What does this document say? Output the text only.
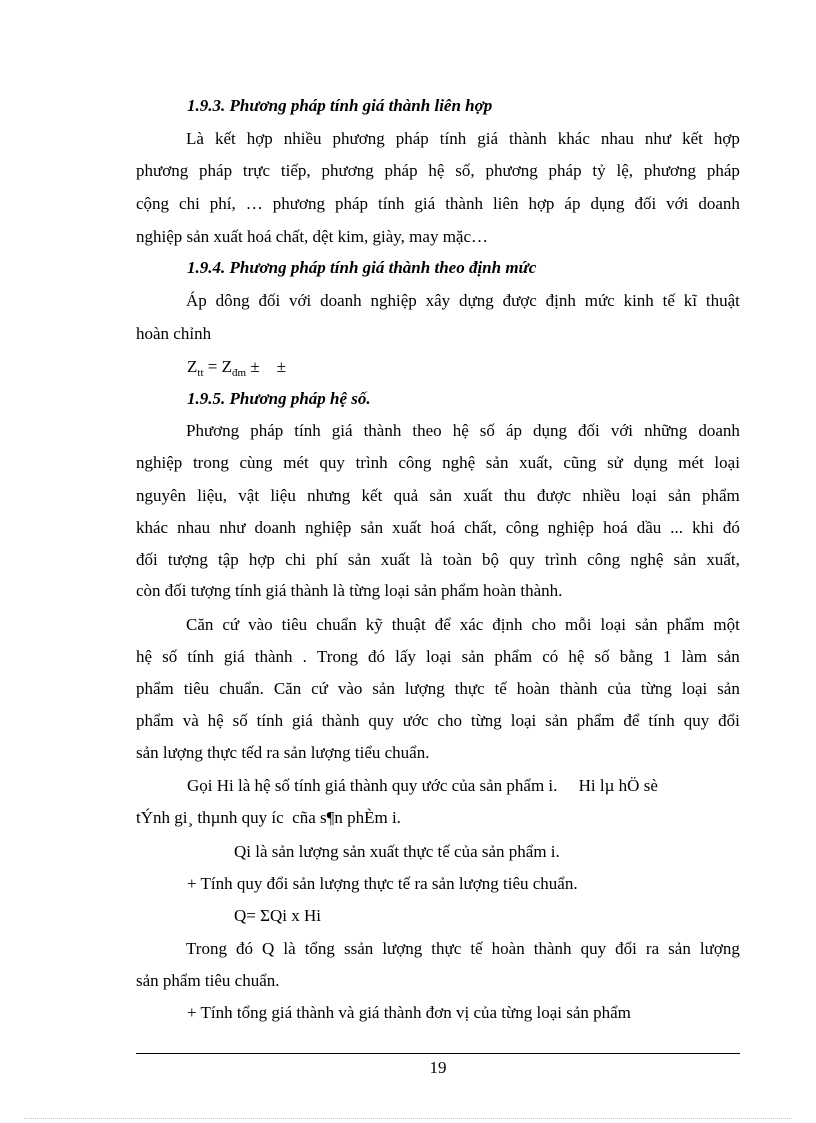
1.9.3. Phương pháp tính giá thành liên hợp
Là kết hợp nhiều phương pháp tính giá thành khác nhau như kết hợp
phương pháp trực tiếp, phương pháp hệ số, phương pháp tỷ lệ, phương pháp
cộng chi phí, … phương pháp tính giá thành liên hợp áp dụng đối với doanh
nghiệp sản xuất hoá chất, dệt kim, giày, may mặc…
1.9.4. Phương pháp tính giá thành theo định mức
Áp dông đối với doanh nghiệp xây dựng được định mức kinh tế kĩ thuật
hoàn chỉnh
$Z_{tt} = Z_{đm}$ ±    ±
1.9.5. Phương pháp hệ số.
Phương pháp tính giá thành theo hệ số áp dụng đối với những doanh
nghiệp trong cùng mét quy trình công nghệ sản xuất, cũng sử dụng mét loại
nguyên liệu, vật liệu nhưng kết quả sản xuất thu được nhiều loại sản phẩm
khác nhau như doanh nghiệp sản xuất hoá chất, công nghiệp hoá dầu ... khi đó
đối tượng tập hợp chi phí sản xuất là toàn bộ quy trình công nghệ sản xuất,
còn đối tượng tính giá thành là từng loại sản phẩm hoàn thành.
Căn cứ vào tiêu chuẩn kỹ thuật để xác định cho mỗi loại sản phẩm một
hệ số tính giá thành . Trong đó lấy loại sản phẩm có hệ số bằng 1 làm sản
phẩm tiêu chuẩn. Căn cứ vào sản lượng thực tế hoàn thành của từng loại sản
phẩm và hệ số tính giá thành quy ước cho từng loại sản phẩm để tính quy đổi
sản lượng thực tếd ra sản lượng tiểu chuẩn.
Gọi Hi là hệ số tính giá thành quy ước của sản phẩm i.     Hi lµ hÖ sè
tÝnh gi¸ thµnh quy íc  cña s¶n phÈm i.
Qi là sản lượng sản xuất thực tế của sản phẩm i.
+ Tính quy đổi sản lượng thực tế ra sản lượng tiêu chuẩn.
Q= ΣQi x Hi
Trong đó Q là tổng ssản lượng thực tế hoàn thành quy đổi ra sản lượng
sản phẩm tiêu chuẩn.
+ Tính tổng giá thành và giá thành đơn vị của từng loại sản phẩm
19
